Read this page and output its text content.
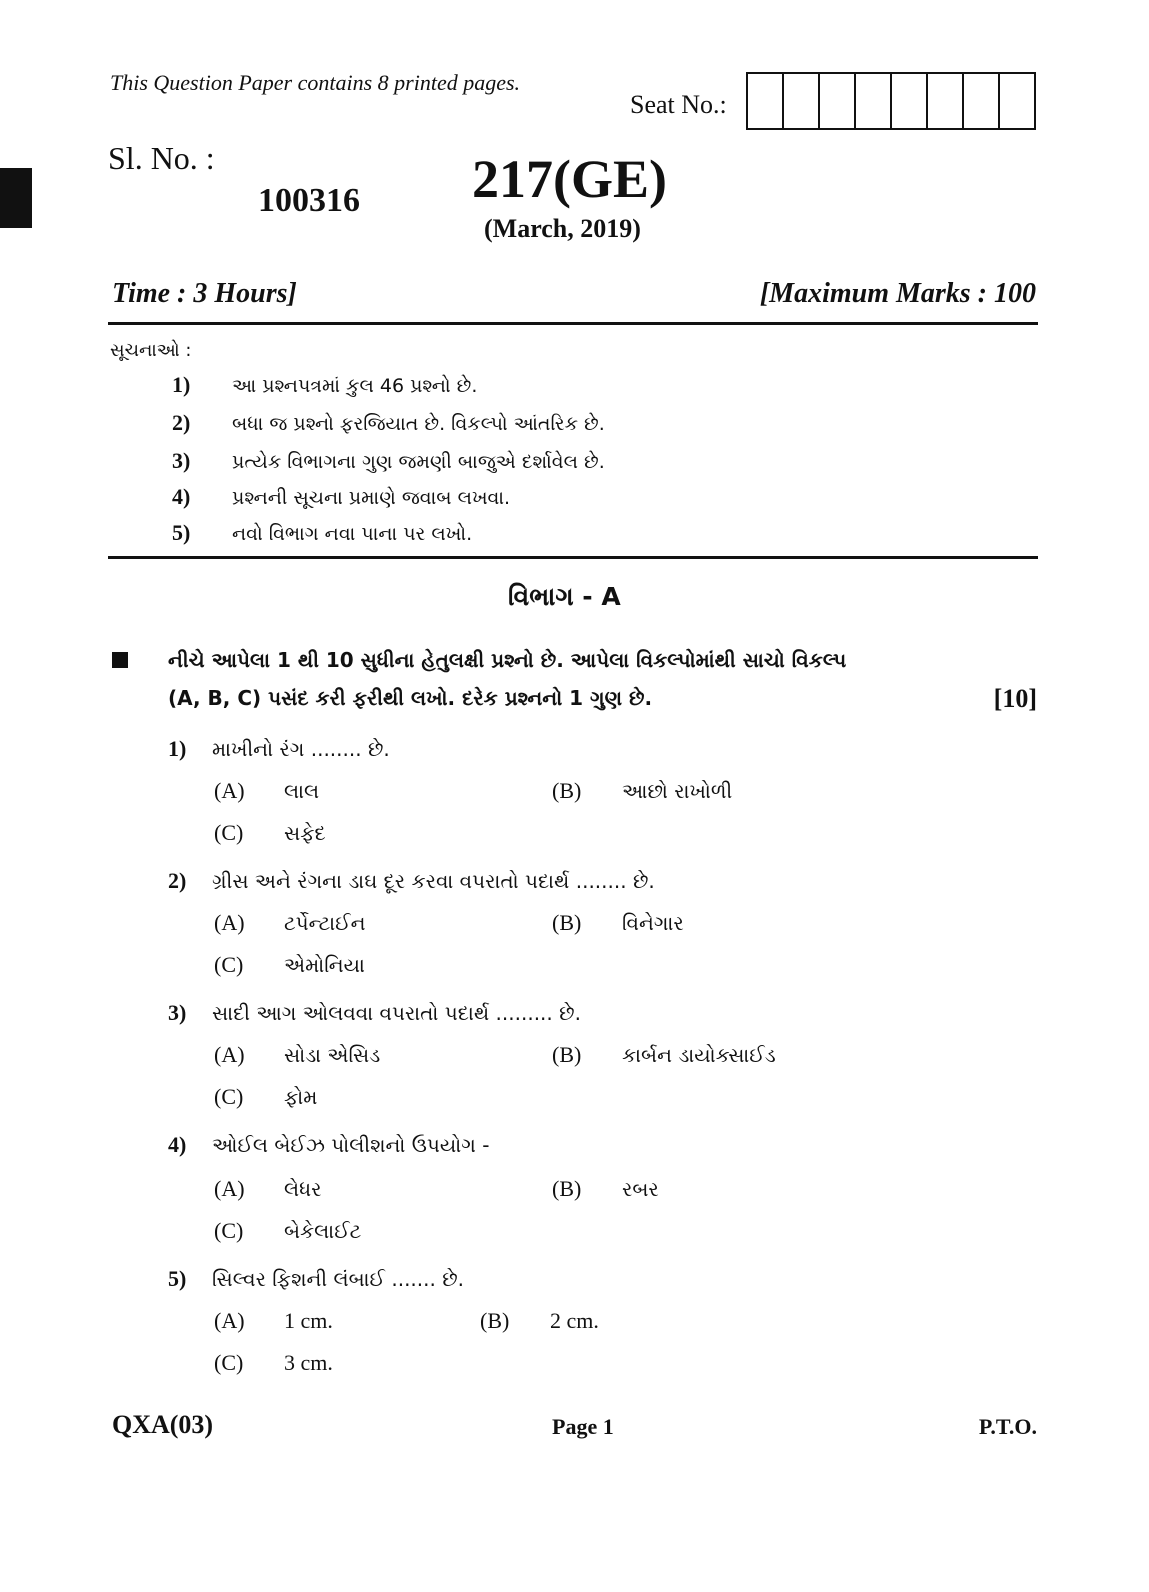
This Question Paper contains 8 printed pages.
Seat No.:
Sl. No. :
100316 217(GE)
(March, 2019)
Time : 3 Hours]	[Maximum Marks : 100
સૂચનાઓ :
1) આ પ્રશ્નપત્રમાં કુલ 46 પ્રશ્નો છે.
2) બધા જ પ્રશ્નો ફરજિયાત છે. વિકલ્પો આંતરિક છે.
3) પ્રત્યેક વિભાગના ગુણ જમણી બાજુએ દર્શાવેલ છે.
4) પ્રશ્નની સૂચના પ્રમાણે જવાબ લખવા.
5) નવો વિભાગ નવા પાના પર લખો.
વિભાગ - A
નીચે આપેલા 1 થી 10 સુધીના હેતુલક્ષી પ્રશ્નો છે. આપેલા વિકલ્પોમાંથી સાચો વિકલ્પ
(A, B, C) પસંદ કરી ફરીથી લખો. દરેક પ્રશ્નનો 1 ગુણ છે.	[10]
1) માખીનો રંગ ........ છે.
(A) લાલ	(B) આછો રાખોળી
(C) સફેદ
2) ગ્રીસ અને રંગના ડાઘ દૂર કરવા વપરાતો પદાર્થ ........ છે.
(A) ટર્પેન્ટાઈન	(B) વિનેગાર
(C) એમોનિયા
3) સાદી આગ ઓલવવા વપરાતો પદાર્થ ......... છે.
(A) સોડા એસિડ	(B) કાર્બન ડાયોક્સાઈડ
(C) ફોમ
4) ઓઈલ બેઈઝ પોલીશનો ઉપયોગ -
(A) લેધર	(B) રબર
(C) બેકેલાઈટ
5) સિલ્વર ફિશની લંબાઈ ....... છે.
(A) 1 cm.	(B) 2 cm.
(C) 3 cm.
QXA(03)	Page 1	P.T.O.
